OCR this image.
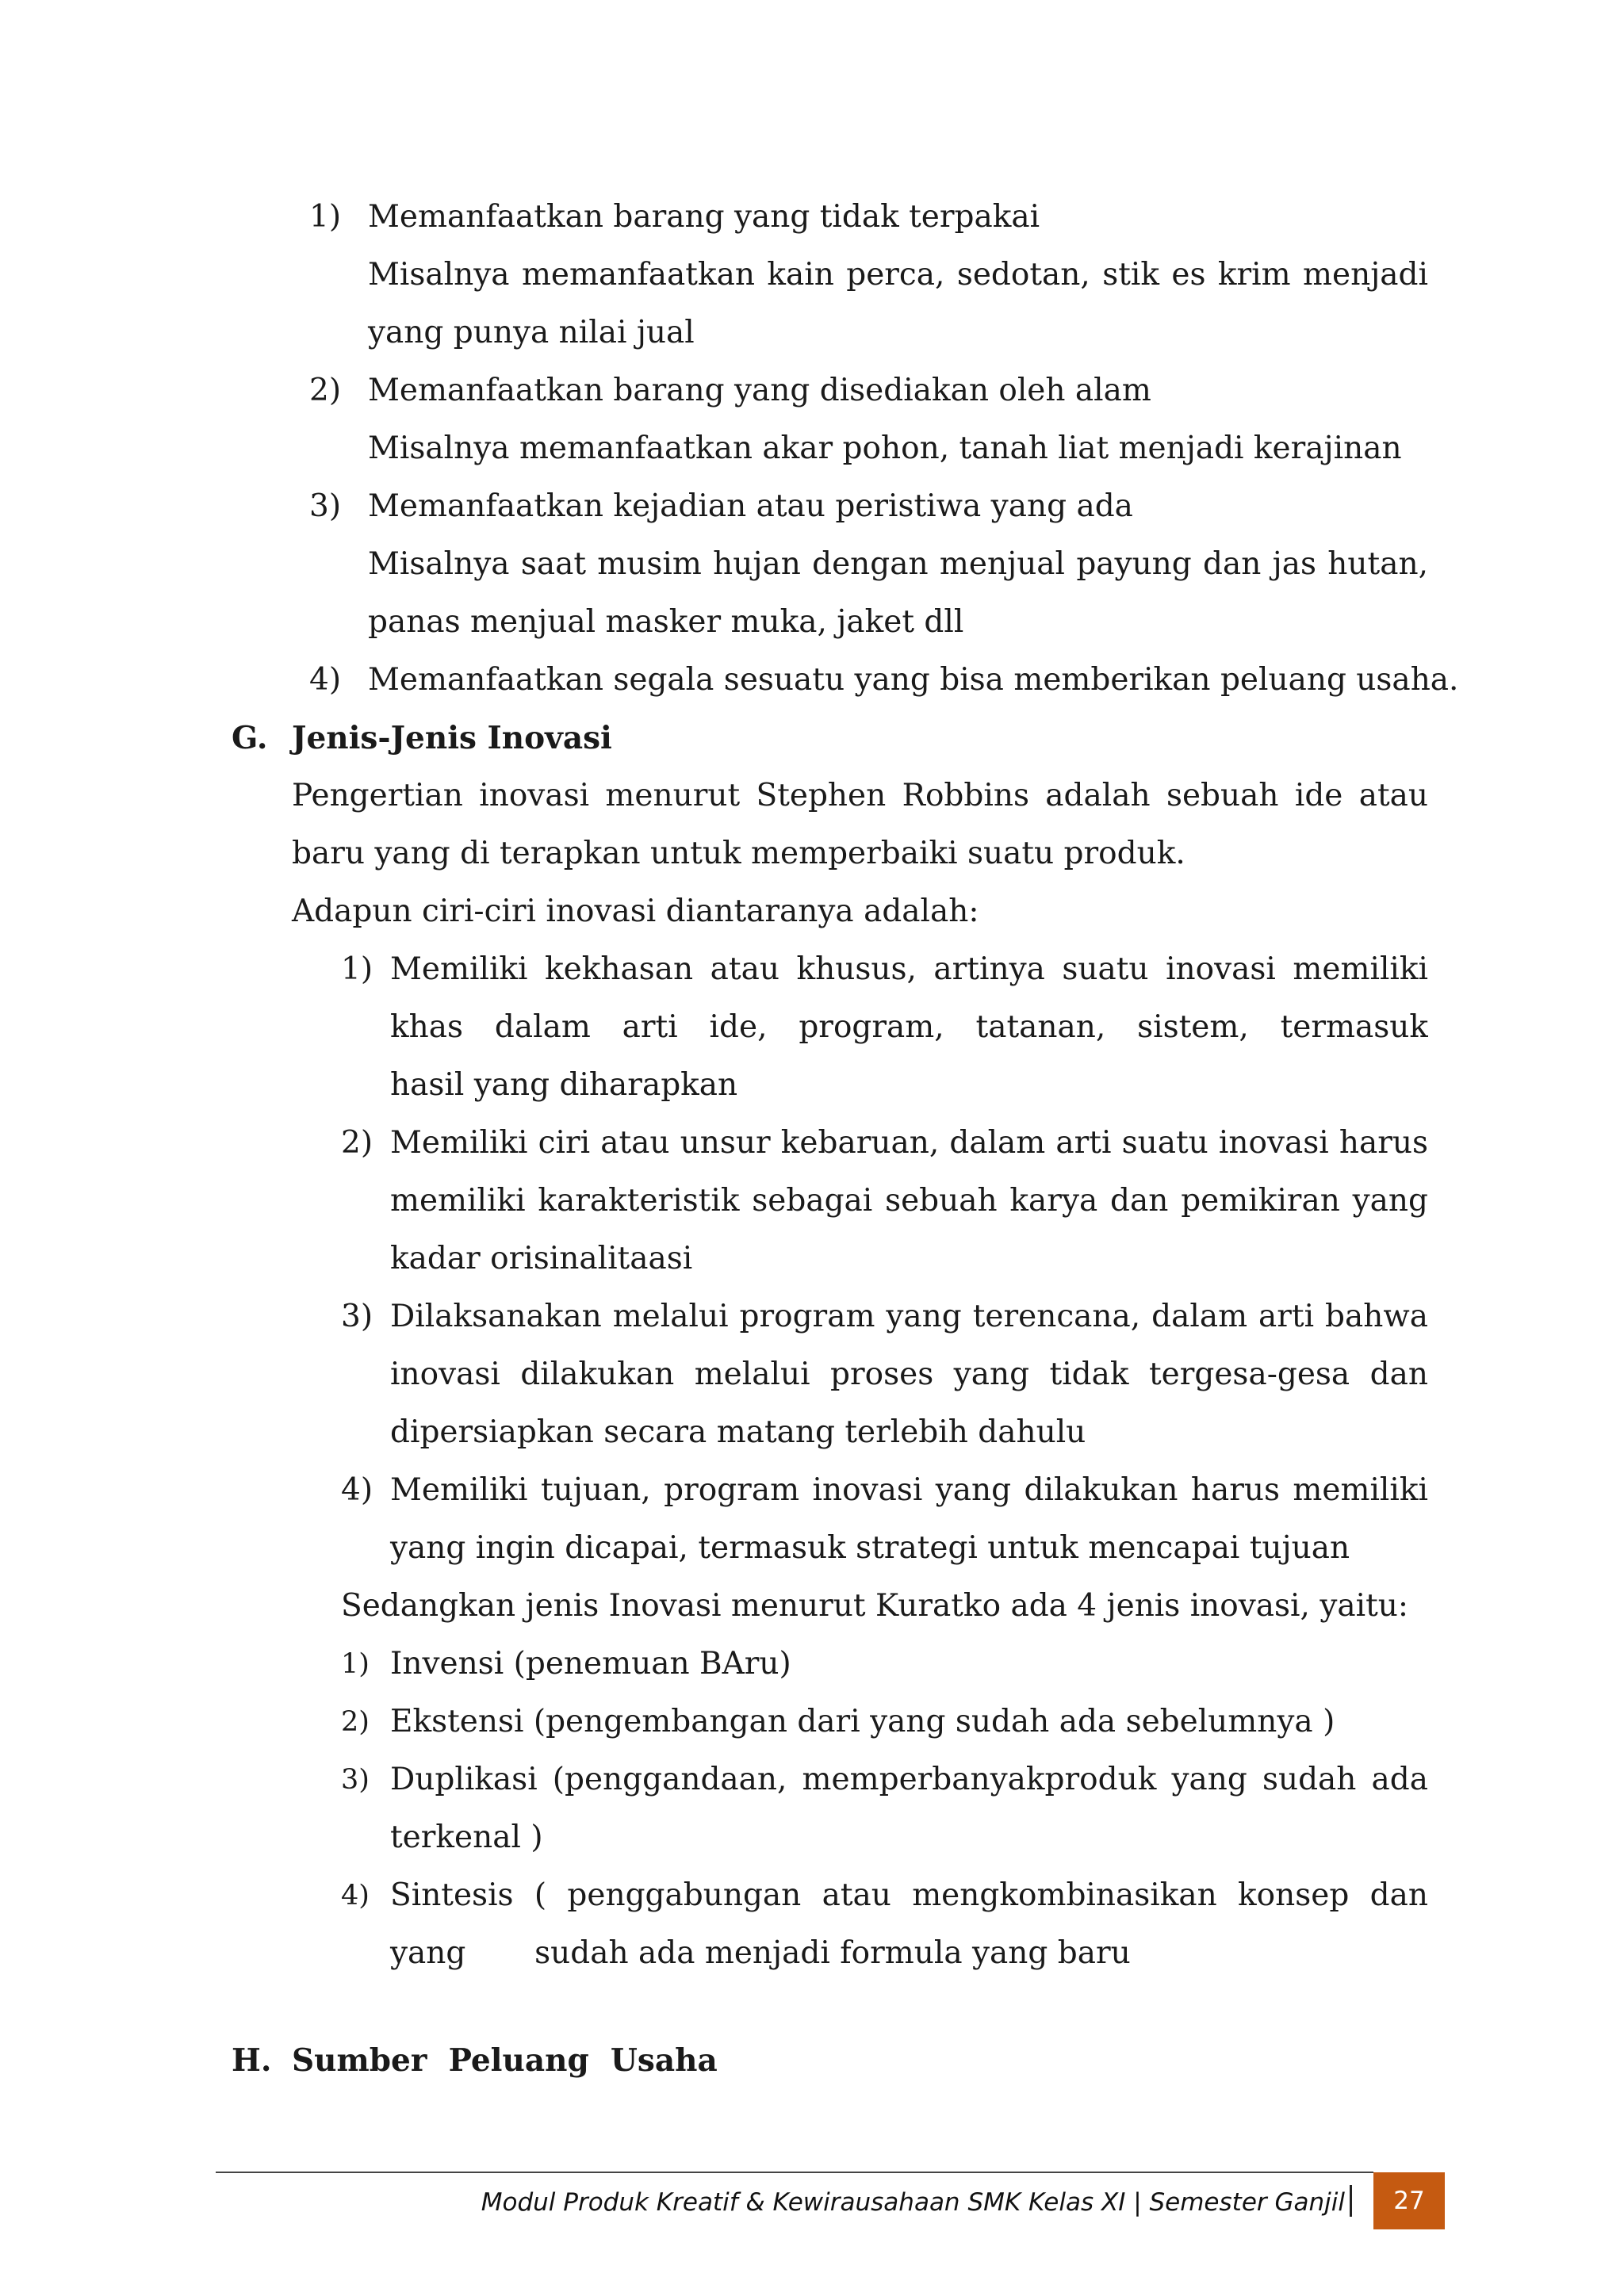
1) Memanfaatkan barang yang tidak terpakai
Misalnya memanfaatkan kain perca, sedotan, stik es krim menjadi
yang punya nilai jual
2) Memanfaatkan barang yang disediakan oleh alam
Misalnya memanfaatkan akar pohon, tanah liat menjadi kerajinan
3) Memanfaatkan kejadian atau peristiwa yang ada
Misalnya saat musim hujan dengan menjual payung dan jas hutan,
panas menjual masker muka, jaket dll
4) Memanfaatkan segala sesuatu yang bisa memberikan peluang usaha.
G. Jenis-Jenis Inovasi
Pengertian inovasi menurut Stephen Robbins adalah sebuah ide atau
baru yang di terapkan untuk memperbaiki suatu produk.
Adapun ciri-ciri inovasi diantaranya adalah:
1) Memiliki kekhasan atau khusus, artinya suatu inovasi memiliki
khas dalam arti ide, program, tatanan, sistem, termasuk
hasil yang diharapkan
2) Memiliki ciri atau unsur kebaruan, dalam arti suatu inovasi harus
memiliki karakteristik sebagai sebuah karya dan pemikiran yang
kadar orisinalitaasi
3) Dilaksanakan melalui program yang terencana, dalam arti bahwa
inovasi dilakukan melalui proses yang tidak tergesa-gesa dan
dipersiapkan secara matang terlebih dahulu
4) Memiliki tujuan, program inovasi yang dilakukan harus memiliki
yang ingin dicapai, termasuk strategi untuk mencapai tujuan
Sedangkan jenis Inovasi menurut Kuratko ada 4 jenis inovasi, yaitu:
1) Invensi (penemuan BAru)
2) Ekstensi (pengembangan dari yang sudah ada sebelumnya )
3) Duplikasi (penggandaan, memperbanyakproduk yang sudah ada
terkenal )
4) Sintesis ( penggabungan atau mengkombinasikan konsep dan
yang       sudah ada menjadi formula yang baru
H. Sumber  Peluang  Usaha
Modul Produk Kreatif & Kewirausahaan SMK Kelas XI | Semester Ganjil	27
